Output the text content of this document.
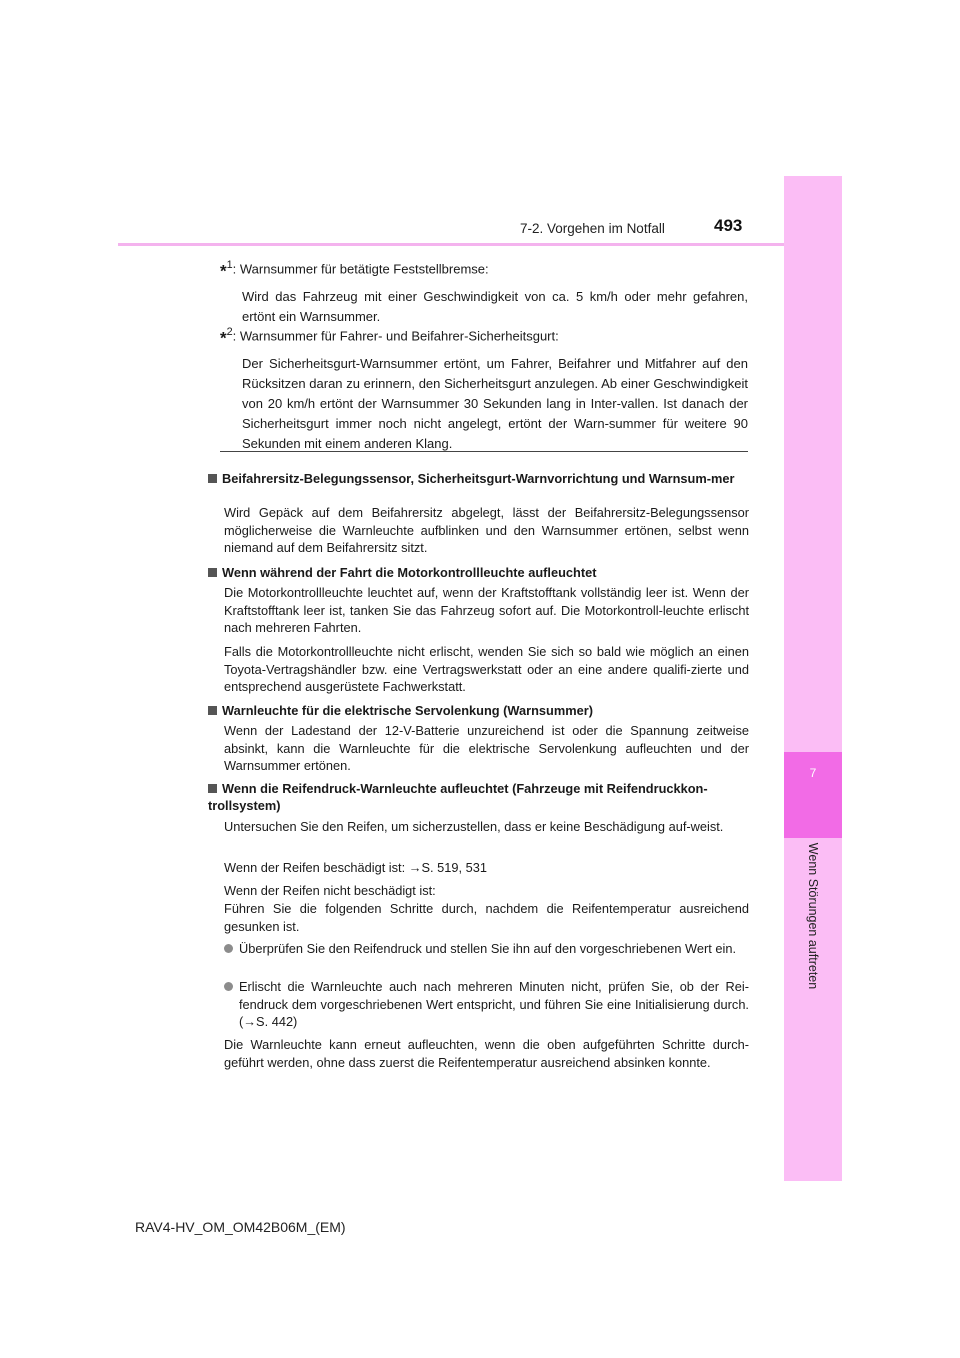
7-2. Vorgehen im Notfall	493
7
Wenn Störungen auftreten
*$^1$: Warnsummer für betätigte Feststellbremse:
Wird das Fahrzeug mit einer Geschwindigkeit von ca. 5 km/h oder mehr gefahren, ertönt ein Warnsummer.
*$^2$: Warnsummer für Fahrer- und Beifahrer-Sicherheitsgurt:
Der Sicherheitsgurt-Warnsummer ertönt, um Fahrer, Beifahrer und Mitfahrer auf den Rücksitzen daran zu erinnern, den Sicherheitsgurt anzulegen. Ab einer Geschwindigkeit von 20 km/h ertönt der Warnsummer 30 Sekunden lang in Inter-vallen. Ist danach der Sicherheitsgurt immer noch nicht angelegt, ertönt der Warn-summer für weitere 90 Sekunden mit einem anderen Klang.
Beifahrersitz-Belegungssensor, Sicherheitsgurt-Warnvorrichtung und Warnsum-mer
Wird Gepäck auf dem Beifahrersitz abgelegt, lässt der Beifahrersitz-Belegungssensor möglicherweise die Warnleuchte aufblinken und den Warnsummer ertönen, selbst wenn niemand auf dem Beifahrersitz sitzt.
Wenn während der Fahrt die Motorkontrollleuchte aufleuchtet
Die Motorkontrollleuchte leuchtet auf, wenn der Kraftstofftank vollständig leer ist. Wenn der Kraftstofftank leer ist, tanken Sie das Fahrzeug sofort auf. Die Motorkontroll-leuchte erlischt nach mehreren Fahrten.
Falls die Motorkontrollleuchte nicht erlischt, wenden Sie sich so bald wie möglich an einen Toyota-Vertragshändler bzw. eine Vertragswerkstatt oder an eine andere qualifi-zierte und entsprechend ausgerüstete Fachwerkstatt.
Warnleuchte für die elektrische Servolenkung (Warnsummer)
Wenn der Ladestand der 12-V-Batterie unzureichend ist oder die Spannung zeitweise absinkt, kann die Warnleuchte für die elektrische Servolenkung aufleuchten und der Warnsummer ertönen.
Wenn die Reifendruck-Warnleuchte aufleuchtet (Fahrzeuge mit Reifendruckkon-trollsystem)
Untersuchen Sie den Reifen, um sicherzustellen, dass er keine Beschädigung auf-weist.
Wenn der Reifen beschädigt ist: →S. 519, 531
Wenn der Reifen nicht beschädigt ist:
Führen Sie die folgenden Schritte durch, nachdem die Reifentemperatur ausreichend gesunken ist.
Überprüfen Sie den Reifendruck und stellen Sie ihn auf den vorgeschriebenen Wert ein.
Erlischt die Warnleuchte auch nach mehreren Minuten nicht, prüfen Sie, ob der Rei-fendruck dem vorgeschriebenen Wert entspricht, und führen Sie eine Initialisierung durch. (→S. 442)
Die Warnleuchte kann erneut aufleuchten, wenn die oben aufgeführten Schritte durch-geführt werden, ohne dass zuerst die Reifentemperatur ausreichend absinken konnte.
RAV4-HV_OM_OM42B06M_(EM)
